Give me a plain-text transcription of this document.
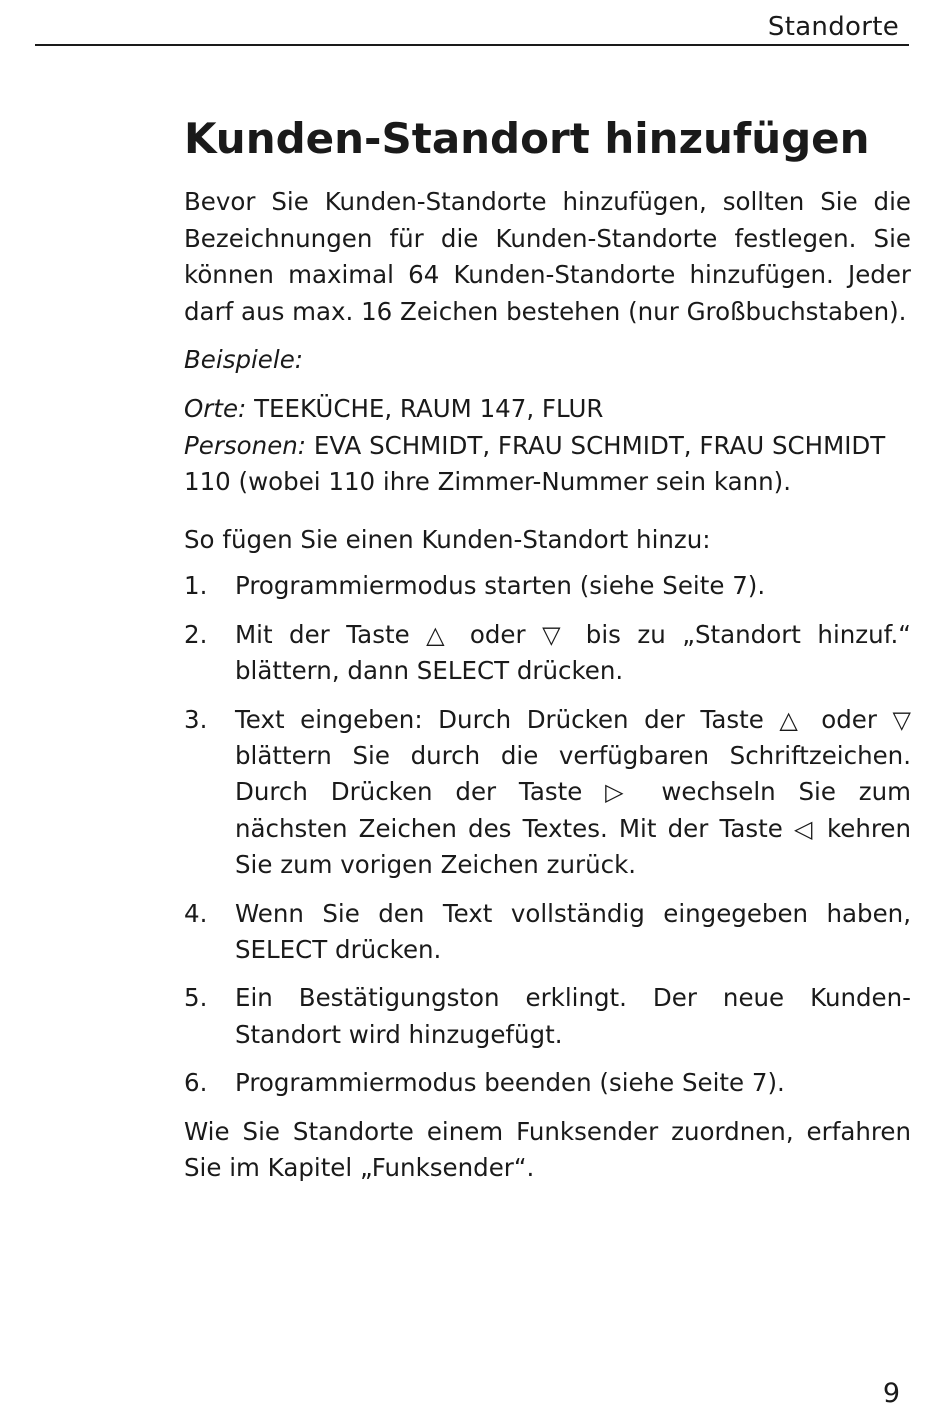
Standorte
Kunden-Standort hinzufügen

Bevor Sie Kunden-Standorte hinzufügen, sollten Sie die Bezeichnungen für die Kunden-Standorte festlegen. Sie können maximal 64 Kunden-Standorte hinzufügen. Jeder darf aus max. 16 Zeichen bestehen (nur Großbuchstaben).

Beispiele:

Orte: TEEKÜCHE, RAUM 147, FLUR
Personen: EVA SCHMIDT, FRAU SCHMIDT, FRAU SCHMIDT 110 (wobei 110 ihre Zimmer-Nummer sein kann).

So fügen Sie einen Kunden-Standort hinzu:

1.	Programmiermodus starten (siehe Seite 7).
2.	Mit der Taste △ oder ▽ bis zu „Standort hinzuf.“ blättern, dann SELECT drücken.
3.	Text eingeben: Durch Drücken der Taste △ oder ▽ blättern Sie durch die verfügbaren Schriftzeichen. Durch Drücken der Taste ▷ wechseln Sie zum nächsten Zeichen des Textes. Mit der Taste ◁ kehren Sie zum vorigen Zeichen zurück.
4.	Wenn Sie den Text vollständig eingegeben haben, SELECT drücken.
5.	Ein Bestätigungston erklingt. Der neue Kunden-Standort wird hinzugefügt.
6.	Programmiermodus beenden (siehe Seite 7).

Wie Sie Standorte einem Funksender zuordnen, erfahren Sie im Kapitel „Funksender“.

9
